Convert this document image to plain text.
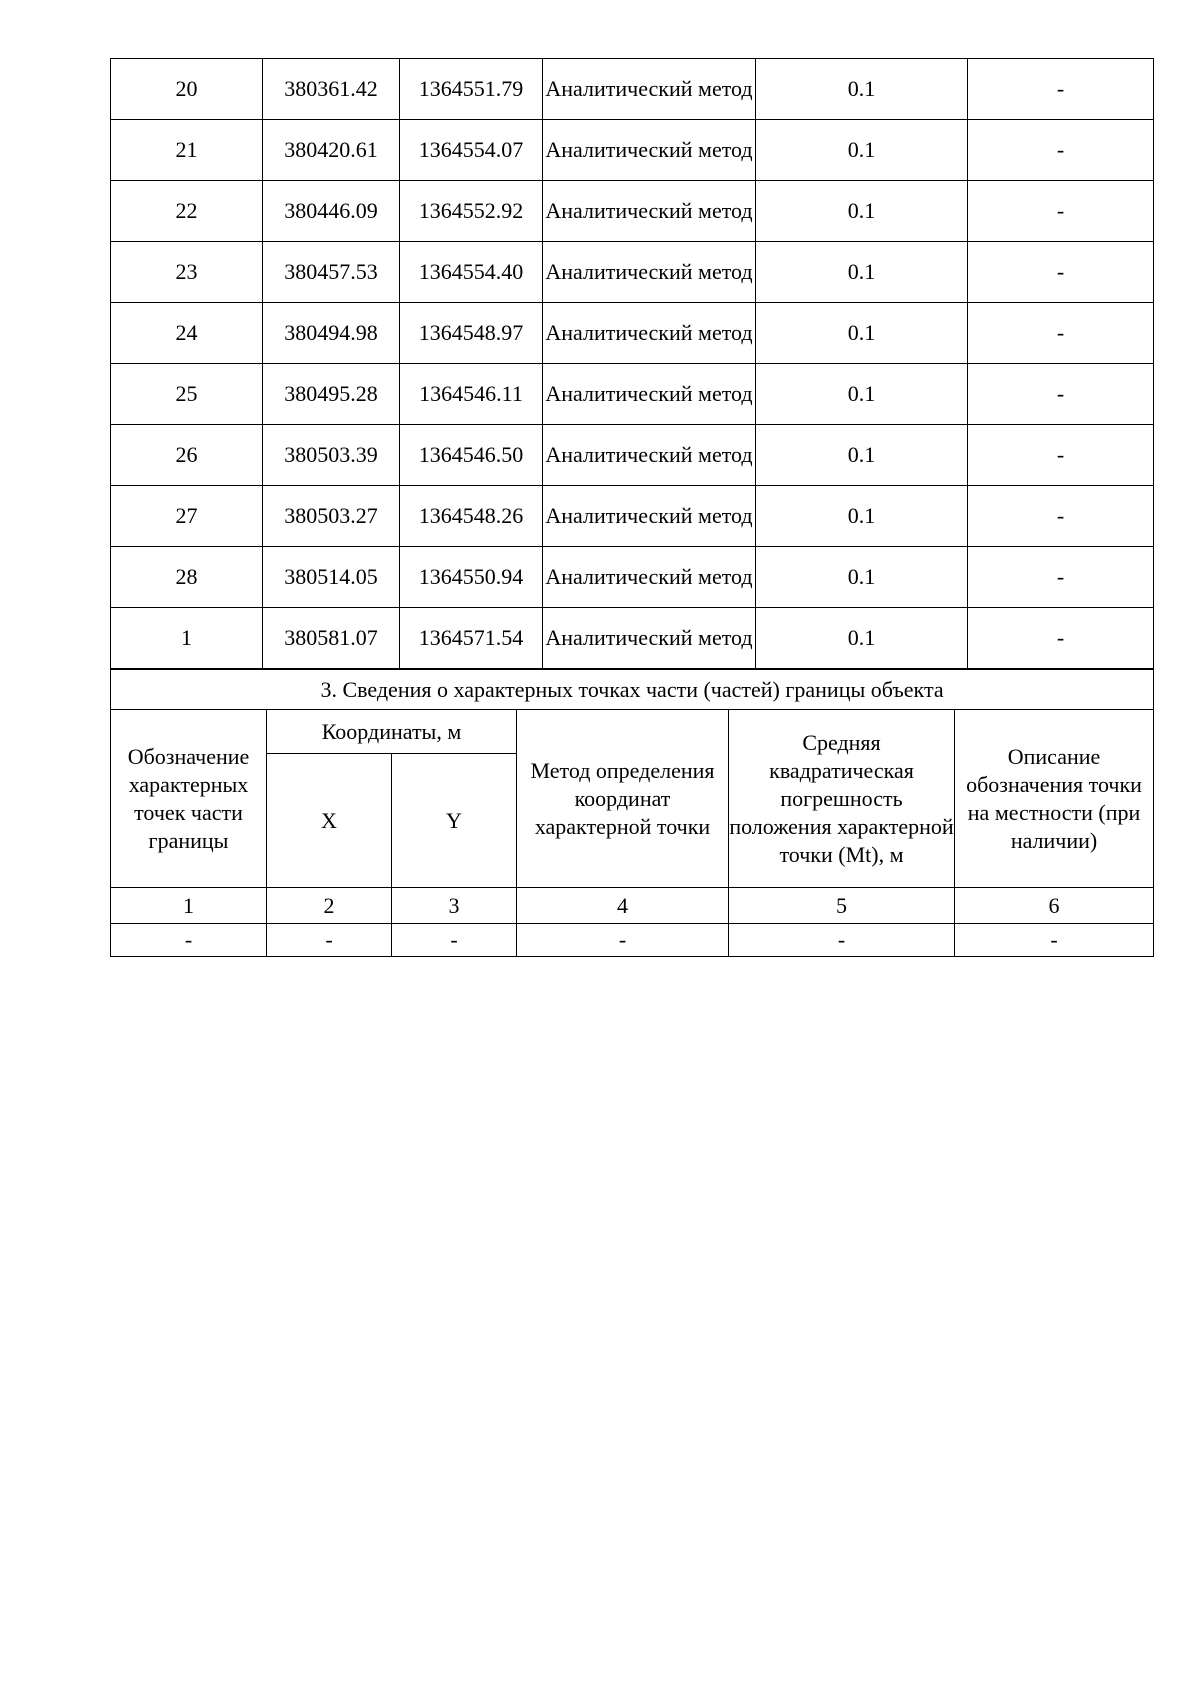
20	380361.42	1364551.79	Аналитический метод	0.1	-
21	380420.61	1364554.07	Аналитический метод	0.1	-
22	380446.09	1364552.92	Аналитический метод	0.1	-
23	380457.53	1364554.40	Аналитический метод	0.1	-
24	380494.98	1364548.97	Аналитический метод	0.1	-
25	380495.28	1364546.11	Аналитический метод	0.1	-
26	380503.39	1364546.50	Аналитический метод	0.1	-
27	380503.27	1364548.26	Аналитический метод	0.1	-
28	380514.05	1364550.94	Аналитический метод	0.1	-
1	380581.07	1364571.54	Аналитический метод	0.1	-
3. Сведения о характерных точках части (частей) границы объекта					
Обозначение характерных точек части границы	Координаты, м		Метод определения координат характерной точки	Средняя квадратическая погрешность положения характерной точки (Mt), м	Описание обозначения точки на местности (при наличии)
	X	Y			
1	2	3	4	5	6
-	-	-	-	-	-
